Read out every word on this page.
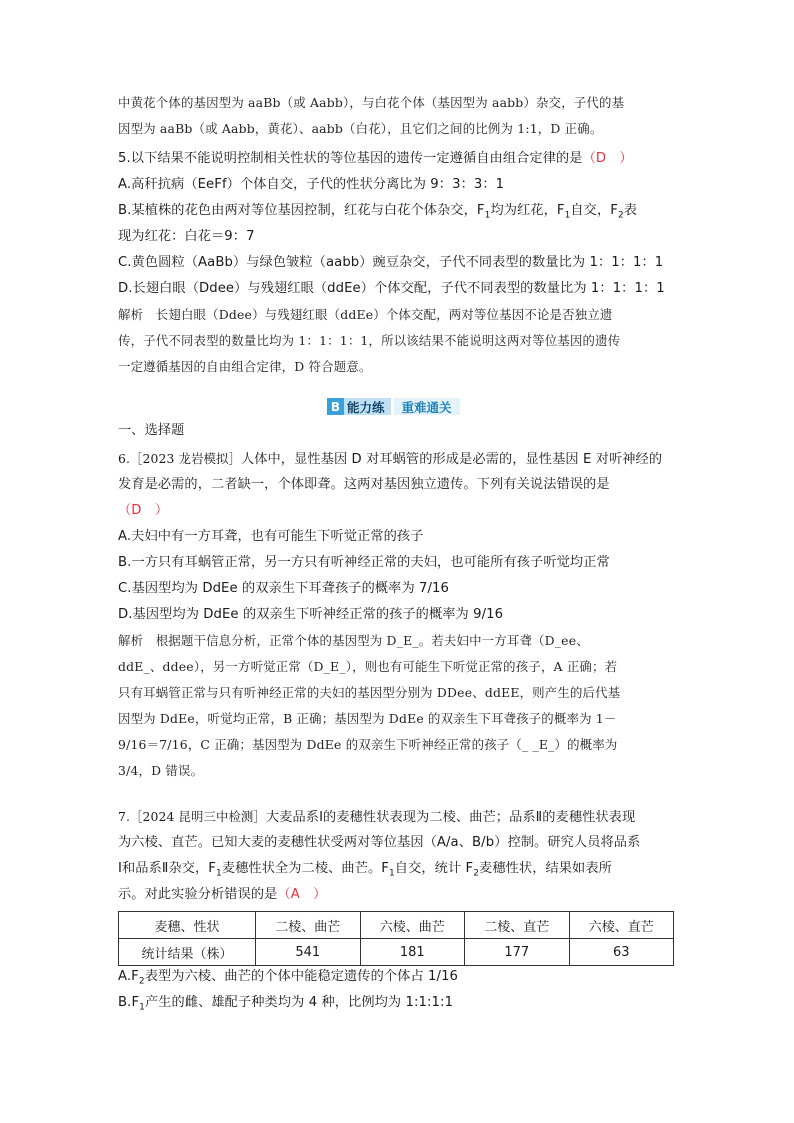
中黄花个体的基因型为 aaBb（或 Aabb），与白花个体（基因型为 aabb）杂交，子代的基
因型为 aaBb（或 Aabb，黄花）、aabb（白花），且它们之间的比例为 1:1，D 正确。
5.以下结果不能说明控制相关性状的等位基因的遗传一定遵循自由组合定律的是（D　）
A.高秆抗病（EeFf）个体自交，子代的性状分离比为 9：3：3：1
B.某植株的花色由两对等位基因控制，红花与白花个体杂交，$F_1$均为红花，$F_1$自交，$F_2$表
现为红花：白花＝9：7
C.黄色圆粒（AaBb）与绿色皱粒（aabb）豌豆杂交，子代不同表型的数量比为 1：1：1：1
D.长翅白眼（Ddee）与残翅红眼（ddEe）个体交配，子代不同表型的数量比为 1：1：1：1
解析　 长翅白眼（Ddee）与残翅红眼（ddEe）个体交配，两对等位基因不论是否独立遗
传，子代不同表型的数量比均为 1：1：1：1，所以该结果不能说明这两对等位基因的遗传
一定遵循基因的自由组合定律，D 符合题意。
B 能力练	重难通关
一、选择题
6.［2023 龙岩模拟］人体中，显性基因 D 对耳蜗管的形成是必需的，显性基因 E 对听神经的
发育是必需的，二者缺一，个体即聋。这两对基因独立遗传。下列有关说法错误的是
（D　）
A.夫妇中有一方耳聋，也有可能生下听觉正常的孩子
B.一方只有耳蜗管正常，另一方只有听神经正常的夫妇，也可能所有孩子听觉均正常
C.基因型均为 DdEe 的双亲生下耳聋孩子的概率为 7/16
D.基因型均为 DdEe 的双亲生下听神经正常的孩子的概率为 9/16
解析　 根据题干信息分析，正常个体的基因型为 D_E_。若夫妇中一方耳聋（D_ee、
ddE_、ddee），另一方听觉正常（D_E_），则也有可能生下听觉正常的孩子，A 正确；若
只有耳蜗管正常与只有听神经正常的夫妇的基因型分别为 DDee、ddEE，则产生的后代基
因型为 DdEe，听觉均正常，B 正确；基因型为 DdEe 的双亲生下耳聋孩子的概率为 1－
9/16＝7/16，C 正确；基因型为 DdEe 的双亲生下听神经正常的孩子（_ _E_）的概率为
3/4，D 错误。
7.［2024 昆明三中检测］大麦品系Ⅰ的麦穗性状表现为二棱、曲芒；品系Ⅱ的麦穗性状表现
为六棱、直芒。已知大麦的麦穗性状受两对等位基因（A/a、B/b）控制。研究人员将品系
Ⅰ和品系Ⅱ杂交，$F_1$麦穗性状全为二棱、曲芒。$F_1$自交，统计 $F_2$麦穗性状，结果如表所
示。对此实验分析错误的是（A　）
麦穗、性状	二棱、曲芒	六棱、曲芒	二棱、直芒	六棱、直芒
统计结果（株）	541	181	177	63
$A.F_2$表型为六棱、曲芒的个体中能稳定遗传的个体占 1/16
$B.F_1$产生的雌、雄配子种类均为 4 种，比例均为 1:1:1:1
